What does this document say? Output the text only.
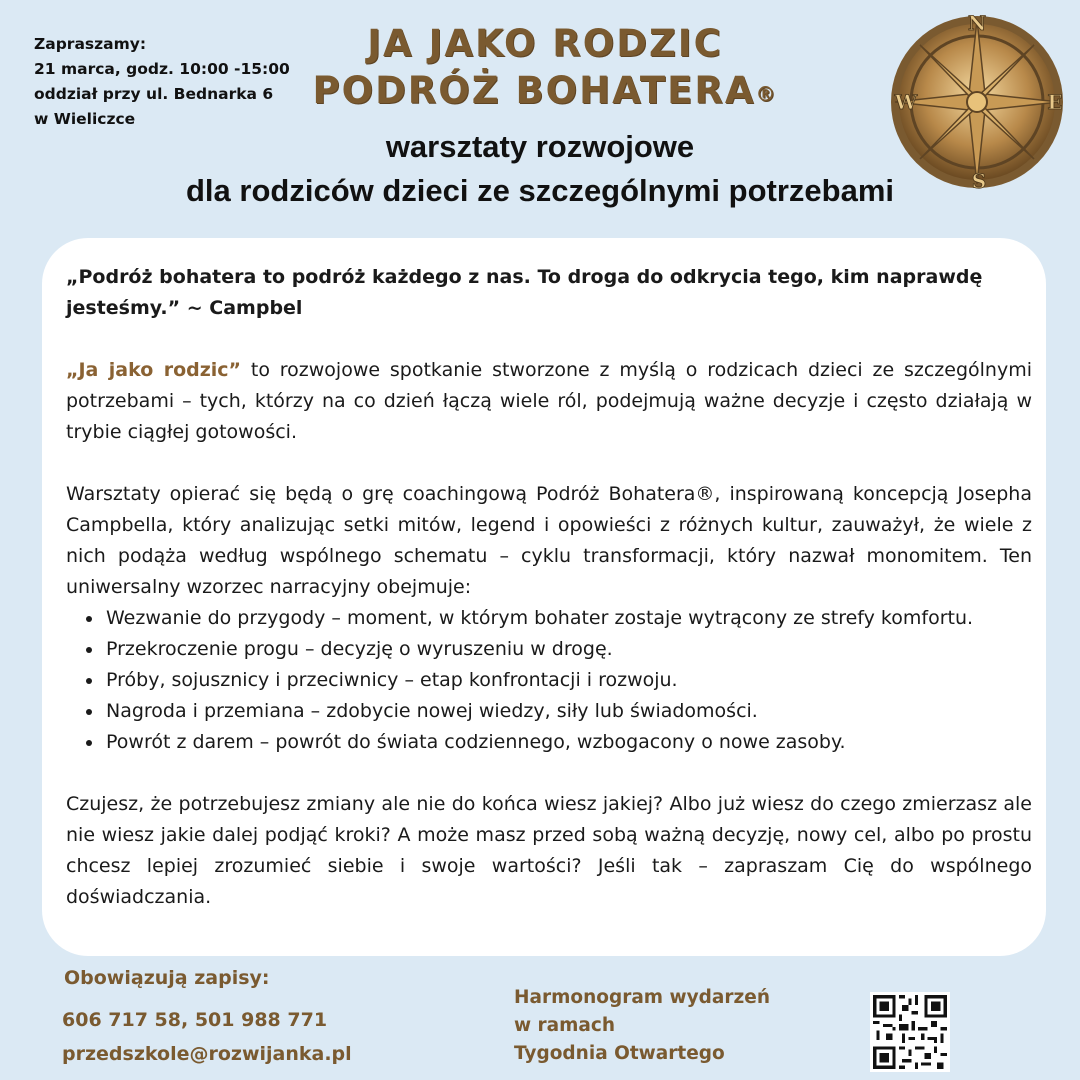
Zapraszamy:
21 marca, godz. 10:00 -15:00
oddział przy ul. Bednarka 6
w Wieliczce
JA JAKO RODZIC
PODRÓŻ BOHATERA®
warsztaty rozwojowe
dla rodziców dzieci ze szczególnymi potrzebami
N
S
W	E
„Podróż bohatera to podróż każdego z nas. To droga do odkrycia tego, kim naprawdę jesteśmy.” ~ Campbel
„Ja jako rodzic” to rozwojowe spotkanie stworzone z myślą o rodzicach dzieci ze szczególnymi potrzebami – tych, którzy na co dzień łączą wiele ról, podejmują ważne decyzje i często działają w trybie ciągłej gotowości.
Warsztaty opierać się będą o grę coachingową Podróż Bohatera®, inspirowaną koncepcją Josepha Campbella, który analizując setki mitów, legend i opowieści z różnych kultur, zauważył, że wiele z nich podąża według wspólnego schematu – cyklu transformacji, który nazwał monomitem. Ten uniwersalny wzorzec narracyjny obejmuje:
• Wezwanie do przygody – moment, w którym bohater zostaje wytrącony ze strefy komfortu.
• Przekroczenie progu – decyzję o wyruszeniu w drogę.
• Próby, sojusznicy i przeciwnicy – etap konfrontacji i rozwoju.
• Nagroda i przemiana – zdobycie nowej wiedzy, siły lub świadomości.
• Powrót z darem – powrót do świata codziennego, wzbogacony o nowe zasoby.
Czujesz, że potrzebujesz zmiany ale nie do końca wiesz jakiej? Albo już wiesz do czego zmierzasz ale nie wiesz jakie dalej podjąć kroki? A może masz przed sobą ważną decyzję, nowy cel, albo po prostu chcesz lepiej zrozumieć siebie i swoje wartości? Jeśli tak – zapraszam Cię do wspólnego doświadczania.
Obowiązują zapisy:
606 717 58, 501 988 771
przedszkole@rozwijanka.pl
Harmonogram wydarzeń
w ramach
Tygodnia Otwartego
